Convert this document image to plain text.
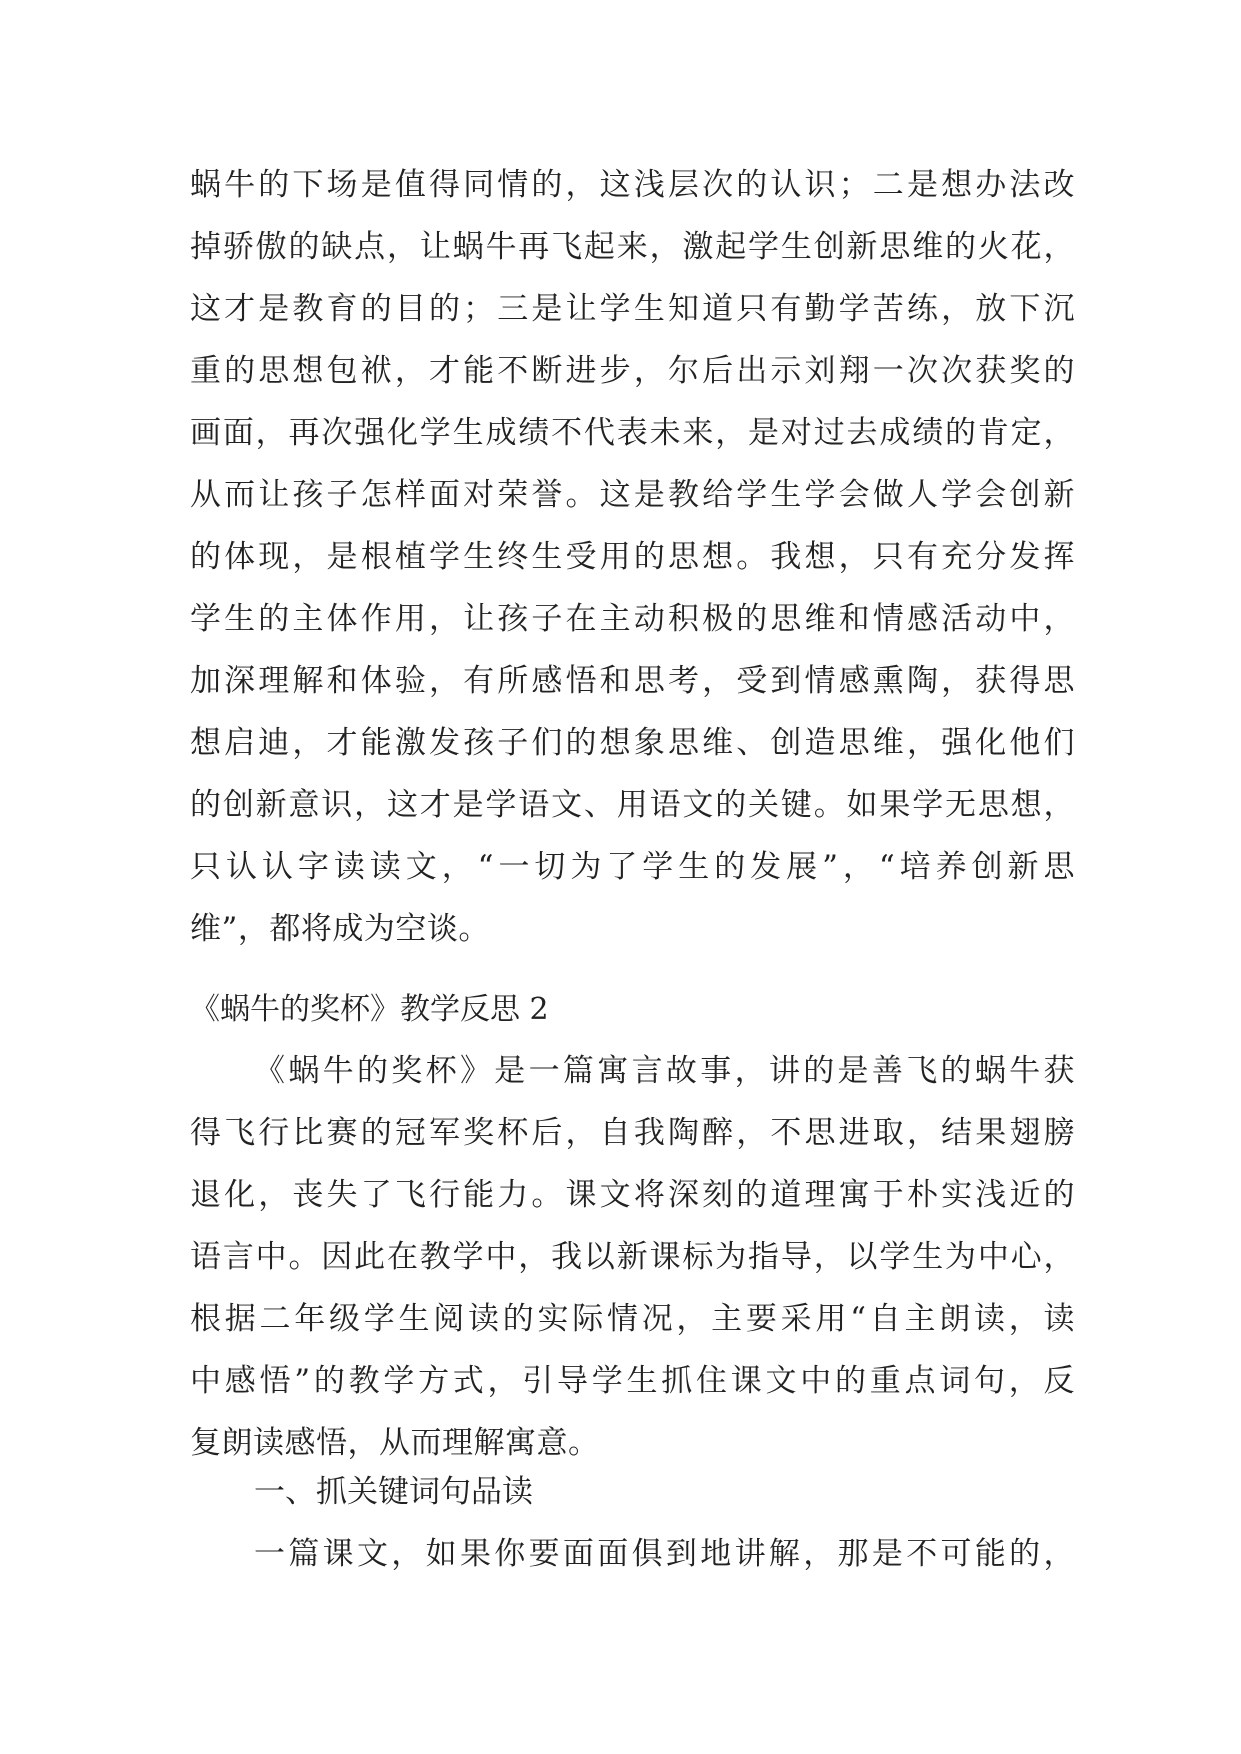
蜗牛的下场是值得同情的，这浅层次的认识；二是想办法改
掉骄傲的缺点，让蜗牛再飞起来，激起学生创新思维的火花，
这才是教育的目的；三是让学生知道只有勤学苦练，放下沉
重的思想包袱，才能不断进步，尔后出示刘翔一次次获奖的
画面，再次强化学生成绩不代表未来，是对过去成绩的肯定，
从而让孩子怎样面对荣誉。这是教给学生学会做人学会创新
的体现，是根植学生终生受用的思想。我想，只有充分发挥
学生的主体作用，让孩子在主动积极的思维和情感活动中，
加深理解和体验，有所感悟和思考，受到情感熏陶，获得思
想启迪，才能激发孩子们的想象思维、创造思维，强化他们
的创新意识，这才是学语文、用语文的关键。如果学无思想，
只认认字读读文，“一切为了学生的发展”，“培养创新思
维”，都将成为空谈。
《蜗牛的奖杯》教学反思 2
《蜗牛的奖杯》是一篇寓言故事，讲的是善飞的蜗牛获
得飞行比赛的冠军奖杯后，自我陶醉，不思进取，结果翅膀
退化，丧失了飞行能力。课文将深刻的道理寓于朴实浅近的
语言中。因此在教学中，我以新课标为指导，以学生为中心，
根据二年级学生阅读的实际情况，主要采用“自主朗读，读
中感悟”的教学方式，引导学生抓住课文中的重点词句，反
复朗读感悟，从而理解寓意。
一、抓关键词句品读
一篇课文，如果你要面面俱到地讲解，那是不可能的，
